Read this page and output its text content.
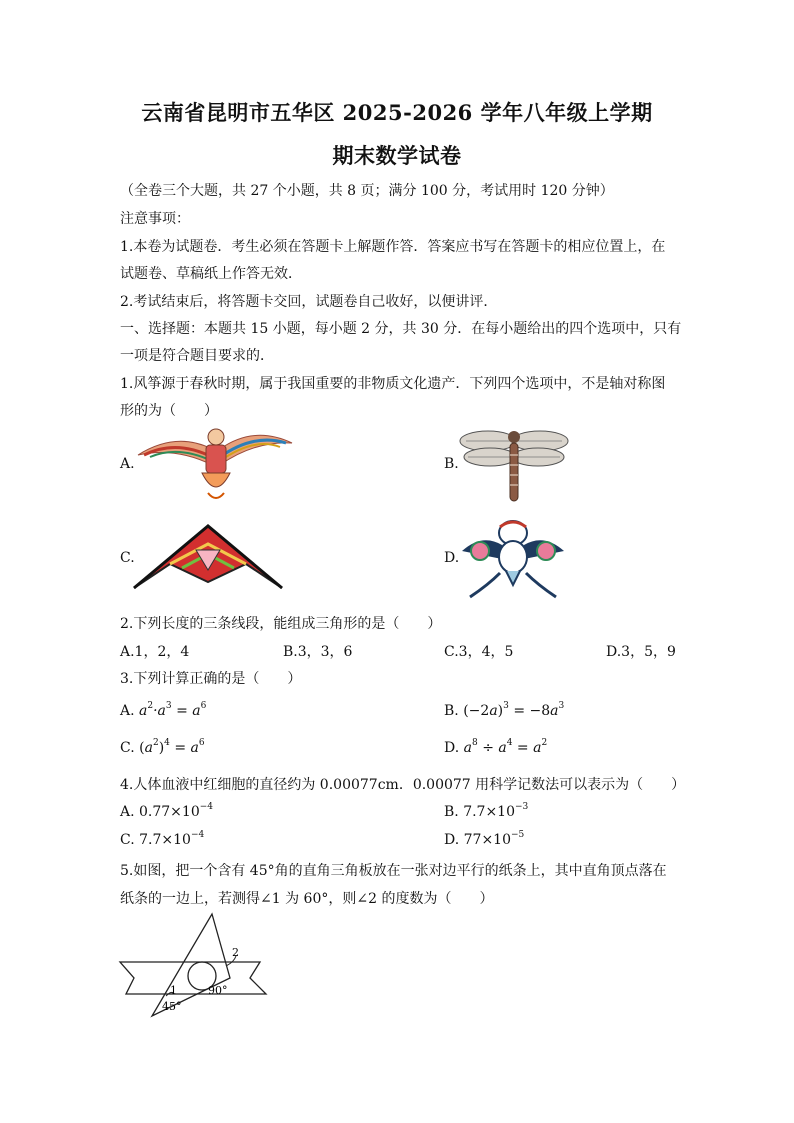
云南省昆明市五华区 2025-2026 学年八年级上学期
期末数学试卷
（全卷三个大题，共 27 个小题，共 8 页；满分 100 分，考试用时 120 分钟）
注意事项：
1.本卷为试题卷．考生必须在答题卡上解题作答．答案应书写在答题卡的相应位置上，在
试题卷、草稿纸上作答无效．
2.考试结束后，将答题卡交回，试题卷自己收好，以便讲评．
一、选择题：本题共 15 小题，每小题 2 分，共 30 分．在每小题给出的四个选项中，只有
一项是符合题目要求的．
1.风筝源于春秋时期，属于我国重要的非物质文化遗产．下列四个选项中，不是轴对称图
形的为（　　）
A.	B.
C.	D.
2.下列长度的三条线段，能组成三角形的是（　　）
A.1，2，4	B.3，3，6	C.3，4，5	D.3，5，9
3.下列计算正确的是（　　）
A. $a^2\cdot a^3 = a^6$	B. $(-2a)^3 = -8a^3$
C. $(a^2)^4 = a^6$	D. $a^8 \div a^4 = a^2$
4.人体血液中红细胞的直径约为 0.00077cm．0.00077 用科学记数法可以表示为（　　）
A. $0.77\times 10^{-4}$	B. $7.7\times 10^{-3}$
C. $7.7\times 10^{-4}$	D. $77\times 10^{-5}$
5.如图，把一个含有 45°角的直角三角板放在一张对边平行的纸条上，其中直角顶点落在
纸条的一边上，若测得∠1 为 60°，则∠2 的度数为（　　）
2
1
45°
90°
